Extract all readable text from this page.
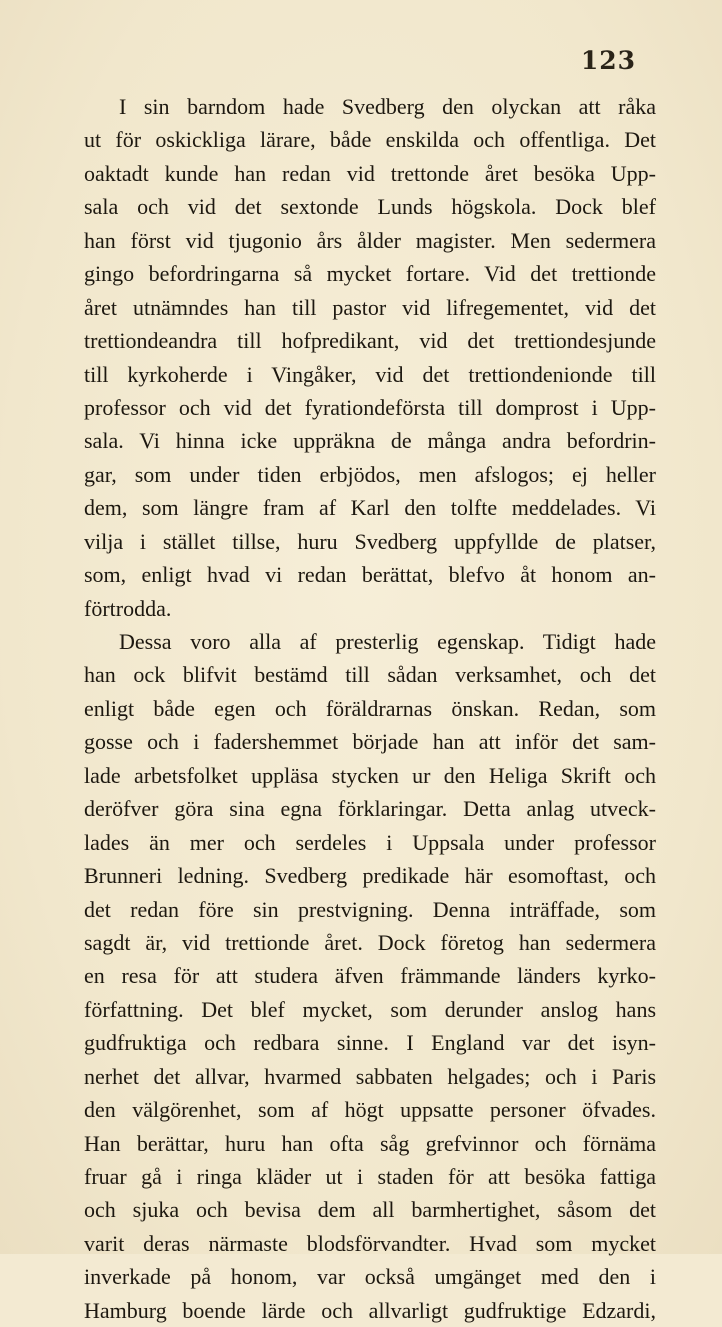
123
I sin barndom hade Svedberg den olyckan att råka
ut för oskickliga lärare, både enskilda och offentliga. Det
oaktadt kunde han redan vid trettonde året besöka Upp-
sala och vid det sextonde Lunds högskola. Dock blef
han först vid tjugonio års ålder magister. Men sedermera
gingo befordringarna så mycket fortare. Vid det trettionde
året utnämndes han till pastor vid lifregementet, vid det
trettiondeandra till hofpredikant, vid det trettiondesjunde
till kyrkoherde i Vingåker, vid det trettiondenionde till
professor och vid det fyrationdeförsta till domprost i Upp-
sala. Vi hinna icke uppräkna de många andra befordrin-
gar, som under tiden erbjödos, men afslogos; ej heller
dem, som längre fram af Karl den tolfte meddelades. Vi
vilja i stället tillse, huru Svedberg uppfyllde de platser,
som, enligt hvad vi redan berättat, blefvo åt honom an-
förtrodda.
Dessa voro alla af presterlig egenskap. Tidigt hade
han ock blifvit bestämd till sådan verksamhet, och det
enligt både egen och föräldrarnas önskan. Redan, som
gosse och i fadershemmet började han att inför det sam-
lade arbetsfolket uppläsa stycken ur den Heliga Skrift och
deröfver göra sina egna förklaringar. Detta anlag utveck-
lades än mer och serdeles i Uppsala under professor
Brunneri ledning. Svedberg predikade här esomoftast, och
det redan före sin prestvigning. Denna inträffade, som
sagdt är, vid trettionde året. Dock företog han sedermera
en resa för att studera äfven främmande länders kyrko-
författning. Det blef mycket, som derunder anslog hans
gudfruktiga och redbara sinne. I England var det isyn-
nerhet det allvar, hvarmed sabbaten helgades; och i Paris
den välgörenhet, som af högt uppsatte personer öfvades.
Han berättar, huru han ofta såg grefvinnor och förnäma
fruar gå i ringa kläder ut i staden för att besöka fattiga
och sjuka och bevisa dem all barmhertighet, såsom det
varit deras närmaste blodsförvandter. Hvad som mycket
inverkade på honom, var också umgänget med den i
Hamburg boende lärde och allvarligt gudfruktige Edzardi,
